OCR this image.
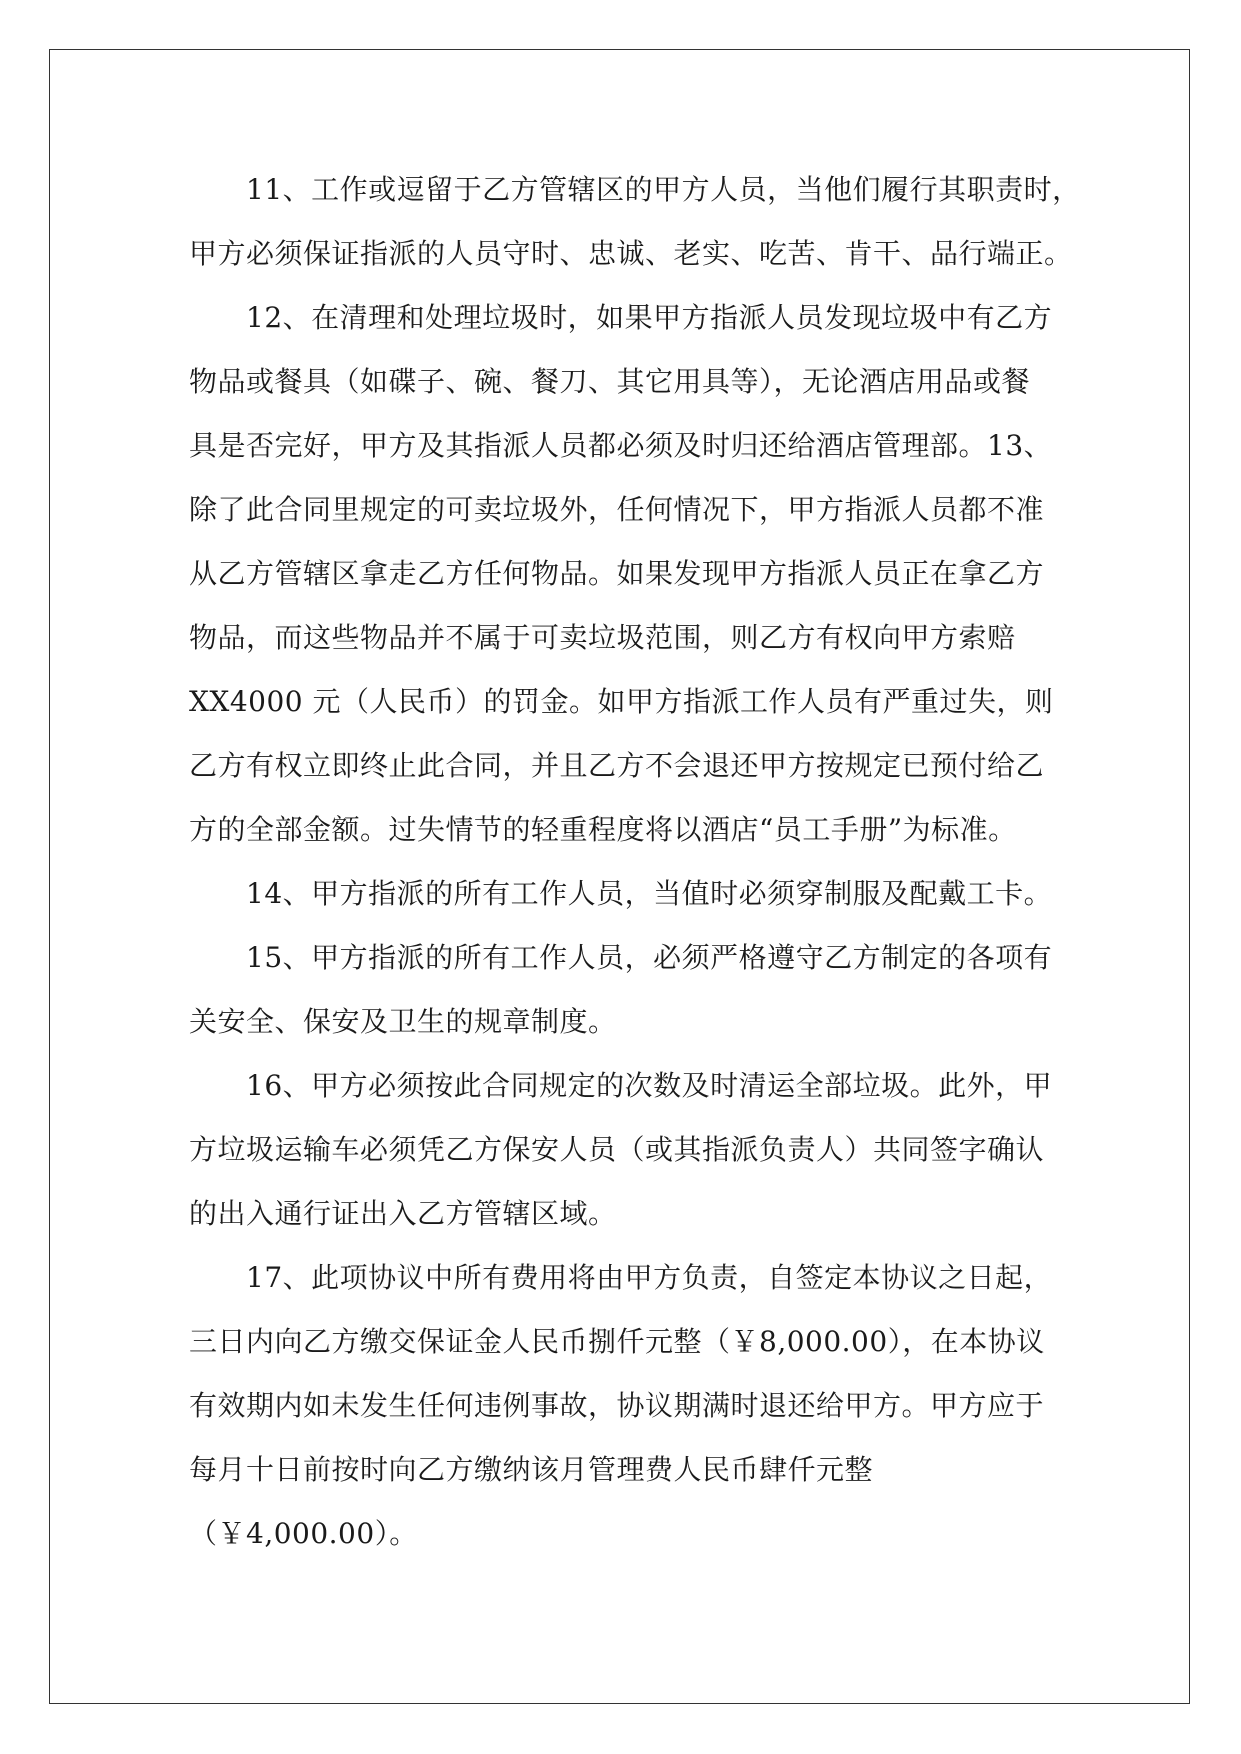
11、工作或逗留于乙方管辖区的甲方人员，当他们履行其职责时，
甲方必须保证指派的人员守时、忠诚、老实、吃苦、肯干、品行端正。
12、在清理和处理垃圾时，如果甲方指派人员发现垃圾中有乙方
物品或餐具（如碟子、碗、餐刀、其它用具等），无论酒店用品或餐
具是否完好，甲方及其指派人员都必须及时归还给酒店管理部。13、
除了此合同里规定的可卖垃圾外，任何情况下，甲方指派人员都不准
从乙方管辖区拿走乙方任何物品。如果发现甲方指派人员正在拿乙方
物品，而这些物品并不属于可卖垃圾范围，则乙方有权向甲方索赔
XX4000 元（人民币）的罚金。如甲方指派工作人员有严重过失，则
乙方有权立即终止此合同，并且乙方不会退还甲方按规定已预付给乙
方的全部金额。过失情节的轻重程度将以酒店“员工手册”为标准。
14、甲方指派的所有工作人员，当值时必须穿制服及配戴工卡。
15、甲方指派的所有工作人员，必须严格遵守乙方制定的各项有
关安全、保安及卫生的规章制度。
16、甲方必须按此合同规定的次数及时清运全部垃圾。此外，甲
方垃圾运输车必须凭乙方保安人员（或其指派负责人）共同签字确认
的出入通行证出入乙方管辖区域。
17、此项协议中所有费用将由甲方负责，自签定本协议之日起，
三日内向乙方缴交保证金人民币捌仟元整（￥8,000.00），在本协议
有效期内如未发生任何违例事故，协议期满时退还给甲方。甲方应于
每月十日前按时向乙方缴纳该月管理费人民币肆仟元整
（￥4,000.00）。
